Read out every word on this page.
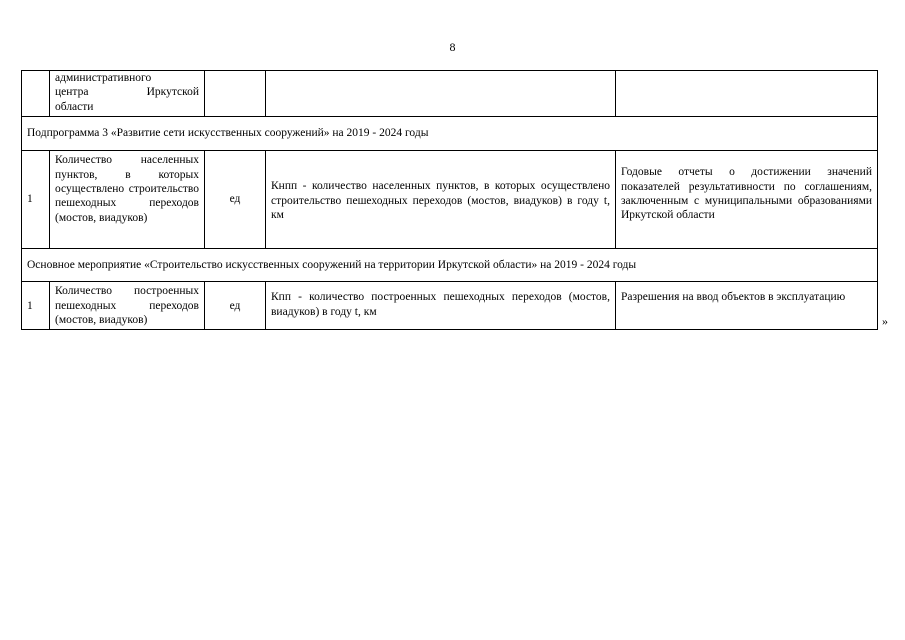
8

	административного
центра Иркутской
области			

Подпрограмма 3 «Развитие сети искусственных сооружений» на 2019 - 2024 годы				
1	Количество населенных пунктов, в которых осуществлено строительство пешеходных переходов (мостов, виадуков)	ед	Кнпп - количество населенных пунктов, в которых осуществлено строительство пешеходных переходов (мостов, виадуков) в году t, км	Годовые отчеты о достижении значений показателей результативности по соглашениям, заключенным с муниципальными образованиями Иркутской области
Основное мероприятие «Строительство искусственных сооружений на территории Иркутской области» на 2019 - 2024 годы				
1	Количество построенных пешеходных переходов (мостов, виадуков)	ед	Кпп - количество построенных пешеходных переходов (мостов, виадуков) в году t, км	Разрешения на ввод объектов в эксплуатацию
»
